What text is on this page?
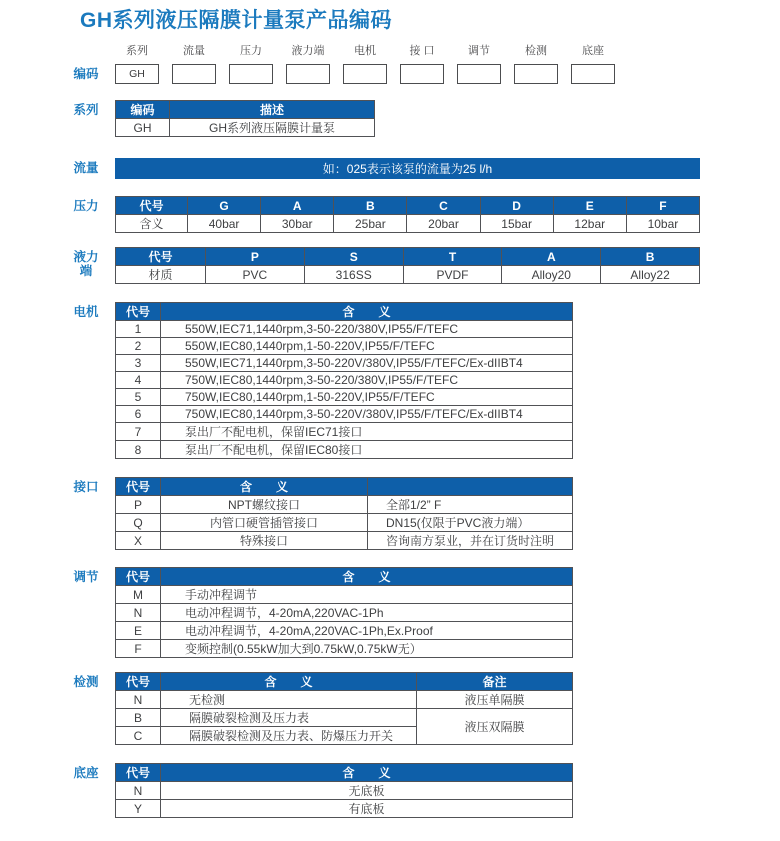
GH系列液压隔膜计量泵产品编码
编码
系列
GH
流量	压力	液力端	电机	接 口	调节	检测	底座
系列	编码	描述
GH	GH系列液压隔膜计量泵
流量	如：025表示该泵的流量为25 l/h
压力	代号	G	A	B	C	D	E	F
含义	40bar	30bar	25bar	20bar	15bar	12bar	10bar
液力端
代号	P	S	T	A	B
材质	PVC	316SS	PVDF	Alloy20	Alloy22
电机 代号	含　　义
1	550W,IEC71,1440rpm,3-50-220/380V,IP55/F/TEFC
2	550W,IEC80,1440rpm,1-50-220V,IP55/F/TEFC
3	550W,IEC71,1440rpm,3-50-220V/380V,IP55/F/TEFC/Ex-dIIBT4
4	750W,IEC80,1440rpm,3-50-220/380V,IP55/F/TEFC
5	750W,IEC80,1440rpm,1-50-220V,IP55/F/TEFC
6	750W,IEC80,1440rpm,3-50-220V/380V,IP55/F/TEFC/Ex-dIIBT4
7	泵出厂不配电机，保留IEC71接口
8	泵出厂不配电机，保留IEC80接口
接口 代号	含　　义	
P	NPT螺纹接口	全部1/2” F
Q	内管口硬管插管接口	DN15(仅限于PVC液力端）
X	特殊接口	咨询南方泵业，并在订货时注明
调节 代号	含　　义
M	手动冲程调节
N	电动冲程调节，4-20mA,220VAC-1Ph
E	电动冲程调节，4-20mA,220VAC-1Ph,Ex.Proof
F	变频控制(0.55kW加大到0.75kW,0.75kW无）
检测 代号	含　　义	备注
N	无检测	液压单隔膜
B	隔膜破裂检测及压力表	液压双隔膜
C	隔膜破裂检测及压力表、防爆压力开关	
底座 代号	含　　义
N	无底板
Y	有底板
